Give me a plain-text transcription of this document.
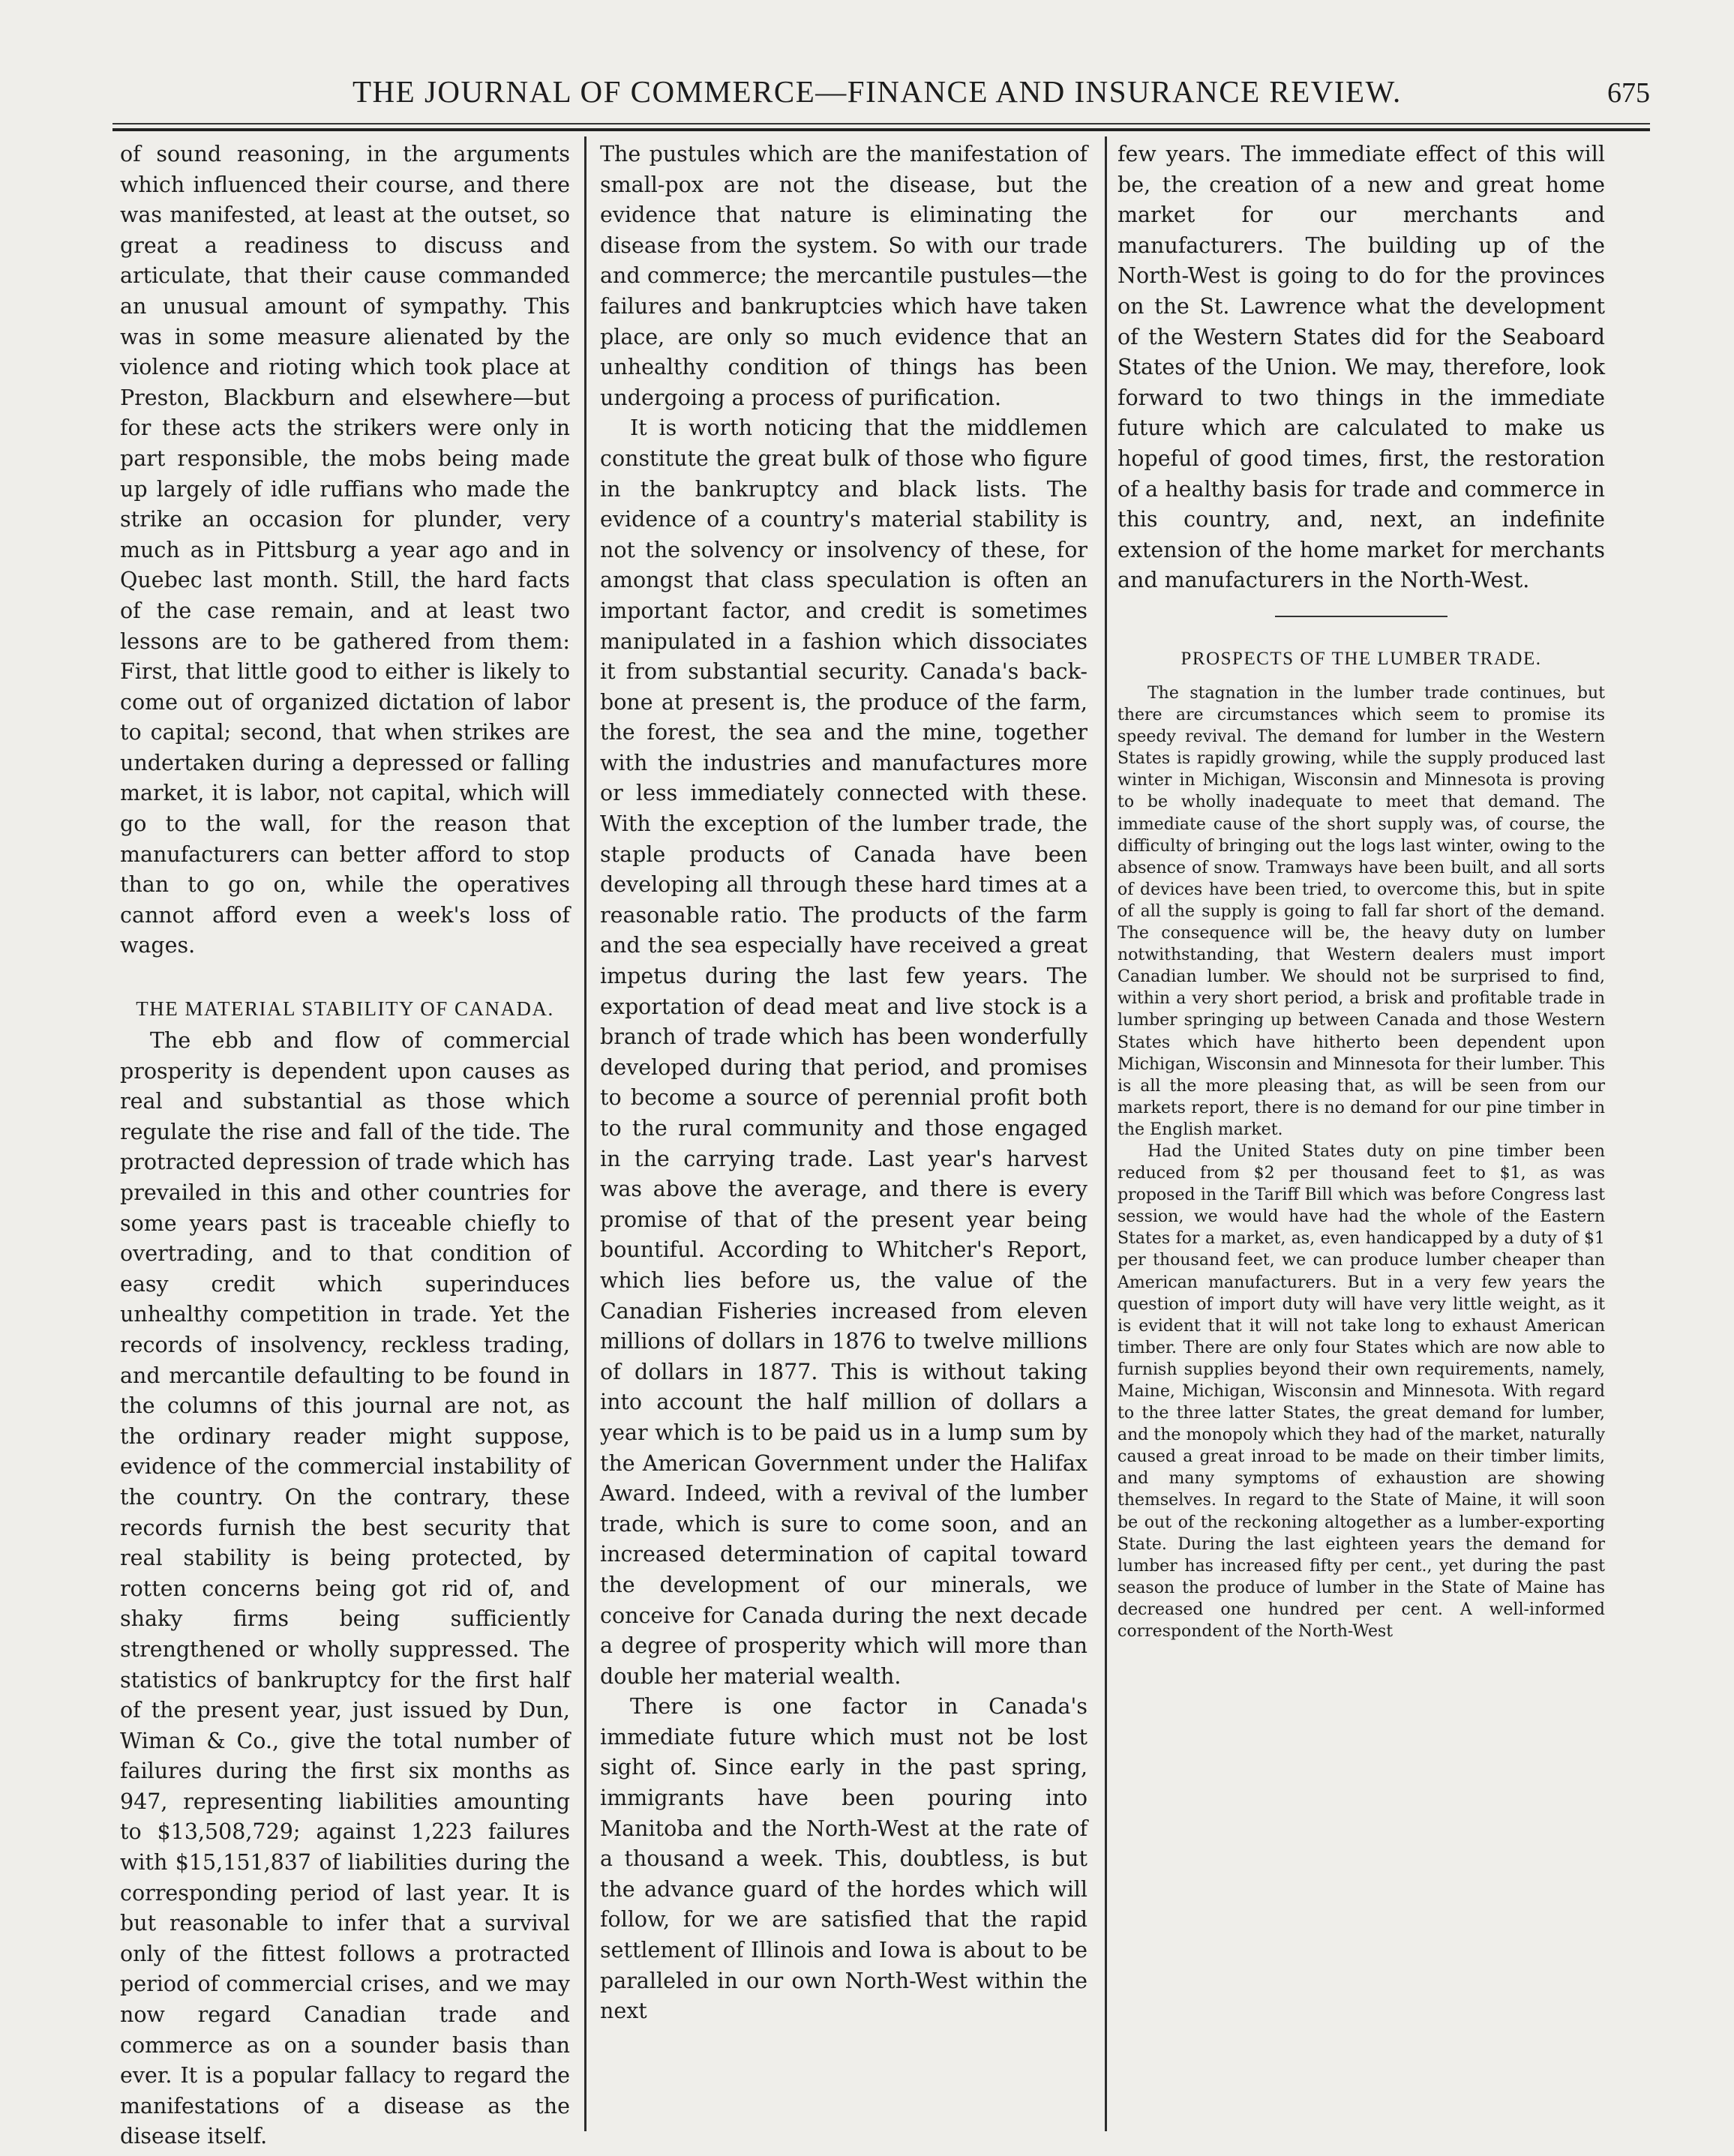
THE JOURNAL OF COMMERCE—FINANCE AND INSURANCE REVIEW.	675

of sound reasoning, in the arguments which influenced their course, and there was manifested, at least at the outset, so great a readiness to discuss and articulate, that their cause commanded an unusual amount of sympathy. This was in some measure alienated by the violence and rioting which took place at Preston, Blackburn and elsewhere—but for these acts the strikers were only in part responsible, the mobs being made up largely of idle ruffians who made the strike an occasion for plunder, very much as in Pittsburg a year ago and in Quebec last month. Still, the hard facts of the case remain, and at least two lessons are to be gathered from them: First, that little good to either is likely to come out of organized dictation of labor to capital; second, that when strikes are undertaken during a depressed or falling market, it is labor, not capital, which will go to the wall, for the reason that manufacturers can better afford to stop than to go on, while the operatives cannot afford even a week's loss of wages.

THE MATERIAL STABILITY OF CANADA.

The ebb and flow of commercial prosperity is dependent upon causes as real and substantial as those which regulate the rise and fall of the tide. The protracted depression of trade which has prevailed in this and other countries for some years past is traceable chiefly to overtrading, and to that condition of easy credit which superinduces unhealthy competition in trade. Yet the records of insolvency, reckless trading, and mercantile defaulting to be found in the columns of this journal are not, as the ordinary reader might suppose, evidence of the commercial instability of the country. On the contrary, these records furnish the best security that real stability is being protected, by rotten concerns being got rid of, and shaky firms being sufficiently strengthened or wholly suppressed. The statistics of bankruptcy for the first half of the present year, just issued by Dun, Wiman & Co., give the total number of failures during the first six months as 947, representing liabilities amounting to $13,508,729; against 1,223 failures with $15,151,837 of liabilities during the corresponding period of last year. It is but reasonable to infer that a survival only of the fittest follows a protracted period of commercial crises, and we may now regard Canadian trade and commerce as on a sounder basis than ever. It is a popular fallacy to regard the manifestations of a disease as the disease itself.

The pustules which are the manifestation of small-pox are not the disease, but the evidence that nature is eliminating the disease from the system. So with our trade and commerce; the mercantile pustules—the failures and bankruptcies which have taken place, are only so much evidence that an unhealthy condition of things has been undergoing a process of purification.

It is worth noticing that the middlemen constitute the great bulk of those who figure in the bankruptcy and black lists. The evidence of a country's material stability is not the solvency or insolvency of these, for amongst that class speculation is often an important factor, and credit is sometimes manipulated in a fashion which dissociates it from substantial security. Canada's back-bone at present is, the produce of the farm, the forest, the sea and the mine, together with the industries and manufactures more or less immediately connected with these. With the exception of the lumber trade, the staple products of Canada have been developing all through these hard times at a reasonable ratio. The products of the farm and the sea especially have received a great impetus during the last few years. The exportation of dead meat and live stock is a branch of trade which has been wonderfully developed during that period, and promises to become a source of perennial profit both to the rural community and those engaged in the carrying trade. Last year's harvest was above the average, and there is every promise of that of the present year being bountiful. According to Whitcher's Report, which lies before us, the value of the Canadian Fisheries increased from eleven millions of dollars in 1876 to twelve millions of dollars in 1877. This is without taking into account the half million of dollars a year which is to be paid us in a lump sum by the American Government under the Halifax Award. Indeed, with a revival of the lumber trade, which is sure to come soon, and an increased determination of capital toward the development of our minerals, we conceive for Canada during the next decade a degree of prosperity which will more than double her material wealth.

There is one factor in Canada's immediate future which must not be lost sight of. Since early in the past spring, immigrants have been pouring into Manitoba and the North-West at the rate of a thousand a week. This, doubtless, is but the advance guard of the hordes which will follow, for we are satisfied that the rapid settlement of Illinois and Iowa is about to be paralleled in our own North-West within the next

few years. The immediate effect of this will be, the creation of a new and great home market for our merchants and manufacturers. The building up of the North-West is going to do for the provinces on the St. Lawrence what the development of the Western States did for the Seaboard States of the Union. We may, therefore, look forward to two things in the immediate future which are calculated to make us hopeful of good times, first, the restoration of a healthy basis for trade and commerce in this country, and, next, an indefinite extension of the home market for merchants and manufacturers in the North-West.

PROSPECTS OF THE LUMBER TRADE.

The stagnation in the lumber trade continues, but there are circumstances which seem to promise its speedy revival. The demand for lumber in the Western States is rapidly growing, while the supply produced last winter in Michigan, Wisconsin and Minnesota is proving to be wholly inadequate to meet that demand. The immediate cause of the short supply was, of course, the difficulty of bringing out the logs last winter, owing to the absence of snow. Tramways have been built, and all sorts of devices have been tried, to overcome this, but in spite of all the supply is going to fall far short of the demand. The consequence will be, the heavy duty on lumber notwithstanding, that Western dealers must import Canadian lumber. We should not be surprised to find, within a very short period, a brisk and profitable trade in lumber springing up between Canada and those Western States which have hitherto been dependent upon Michigan, Wisconsin and Minnesota for their lumber. This is all the more pleasing that, as will be seen from our markets report, there is no demand for our pine timber in the English market.

Had the United States duty on pine timber been reduced from $2 per thousand feet to $1, as was proposed in the Tariff Bill which was before Congress last session, we would have had the whole of the Eastern States for a market, as, even handicapped by a duty of $1 per thousand feet, we can produce lumber cheaper than American manufacturers. But in a very few years the question of import duty will have very little weight, as it is evident that it will not take long to exhaust American timber. There are only four States which are now able to furnish supplies beyond their own requirements, namely, Maine, Michigan, Wisconsin and Minnesota. With regard to the three latter States, the great demand for lumber, and the monopoly which they had of the market, naturally caused a great inroad to be made on their timber limits, and many symptoms of exhaustion are showing themselves. In regard to the State of Maine, it will soon be out of the reckoning altogether as a lumber-exporting State. During the last eighteen years the demand for lumber has increased fifty per cent., yet during the past season the produce of lumber in the State of Maine has decreased one hundred per cent. A well-informed correspondent of the North-West
